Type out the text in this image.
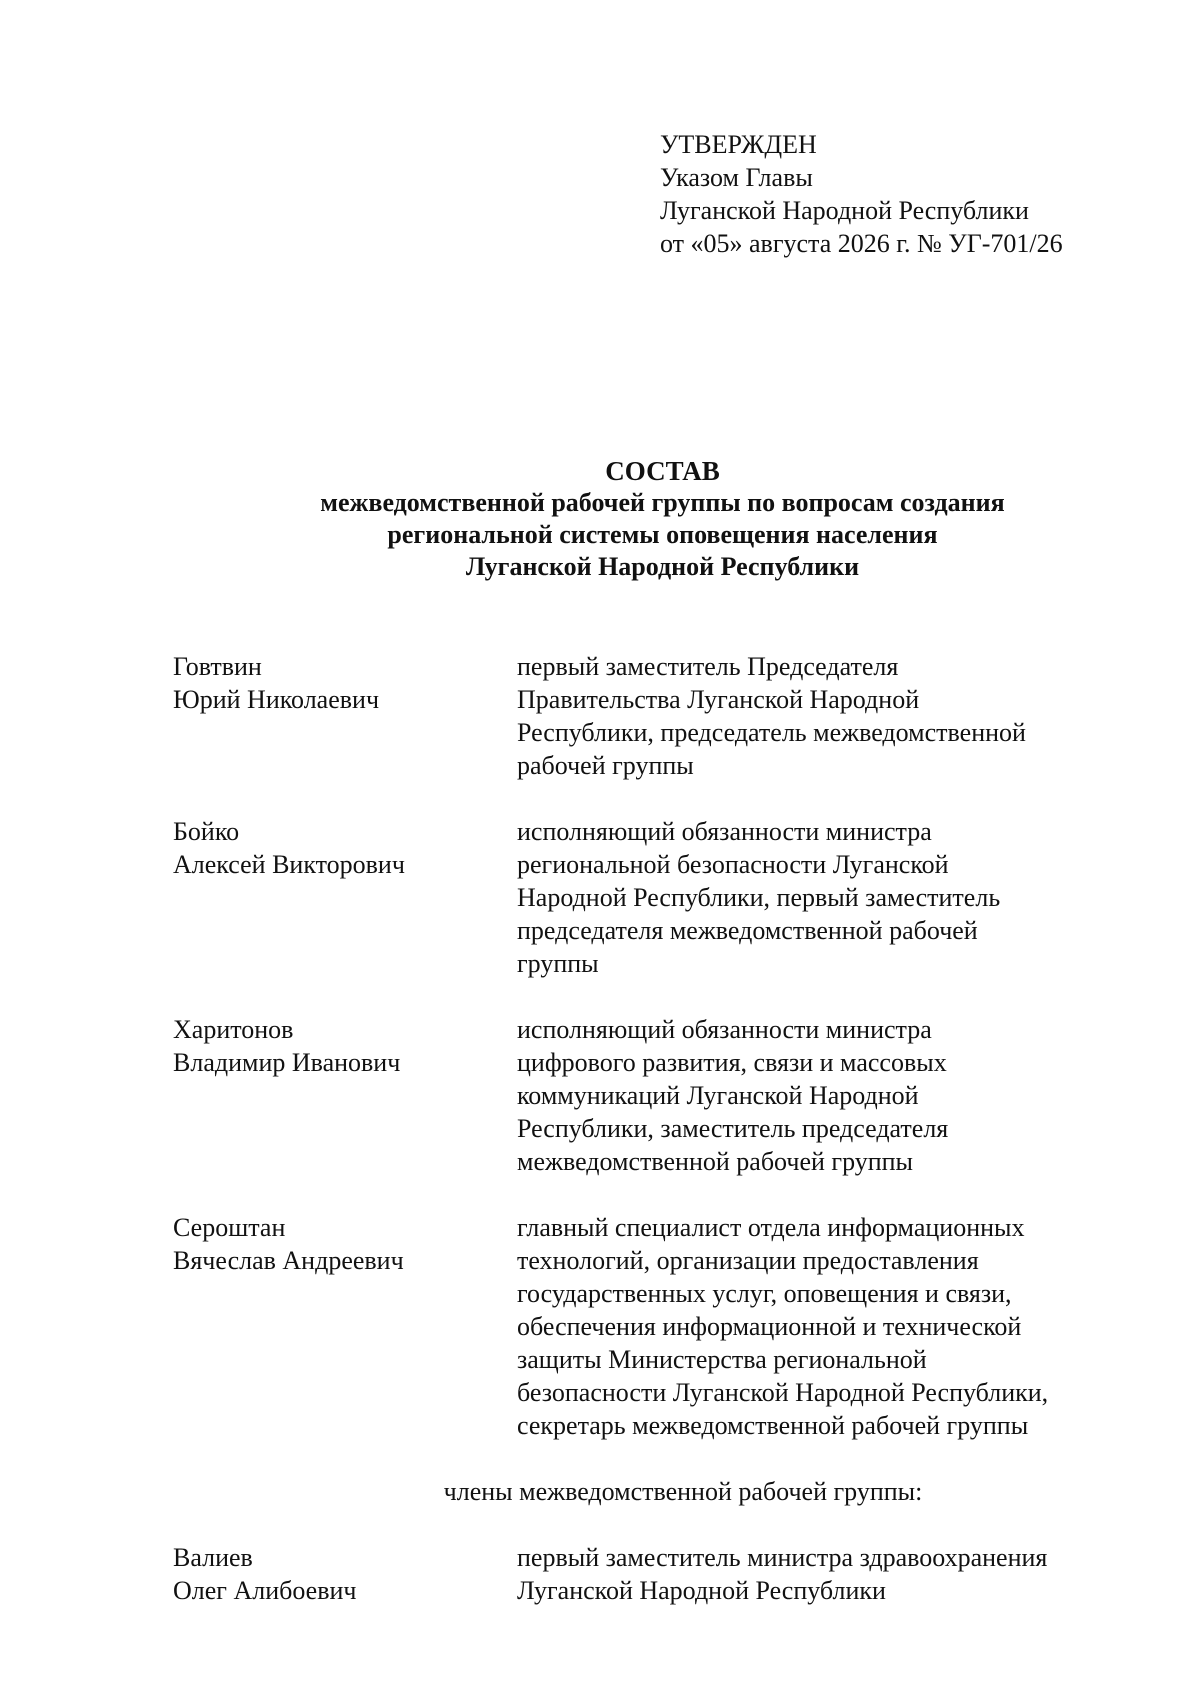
УТВЕРЖДЕН
Указом Главы
Луганской Народной Республики
от «05» августа 2026 г. № УГ-701/26
СОСТАВ
межведомственной рабочей группы по вопросам создания
региональной системы оповещения населения
Луганской Народной Республики
Говтвин
Юрий Николаевич
первый заместитель Председателя
Правительства Луганской Народной
Республики, председатель межведомственной
рабочей группы
Бойко
Алексей Викторович
исполняющий обязанности министра
региональной безопасности Луганской
Народной Республики, первый заместитель
председателя межведомственной рабочей
группы
Харитонов
Владимир Иванович
исполняющий обязанности министра
цифрового развития, связи и массовых
коммуникаций Луганской Народной
Республики, заместитель председателя
межведомственной рабочей группы
Сероштан
Вячеслав Андреевич
главный специалист отдела информационных
технологий, организации предоставления
государственных услуг, оповещения и связи,
обеспечения информационной и технической
защиты Министерства региональной
безопасности Луганской Народной Республики,
секретарь межведомственной рабочей группы
члены межведомственной рабочей группы:
Валиев
Олег Алибоевич
первый заместитель министра здравоохранения
Луганской Народной Республики
